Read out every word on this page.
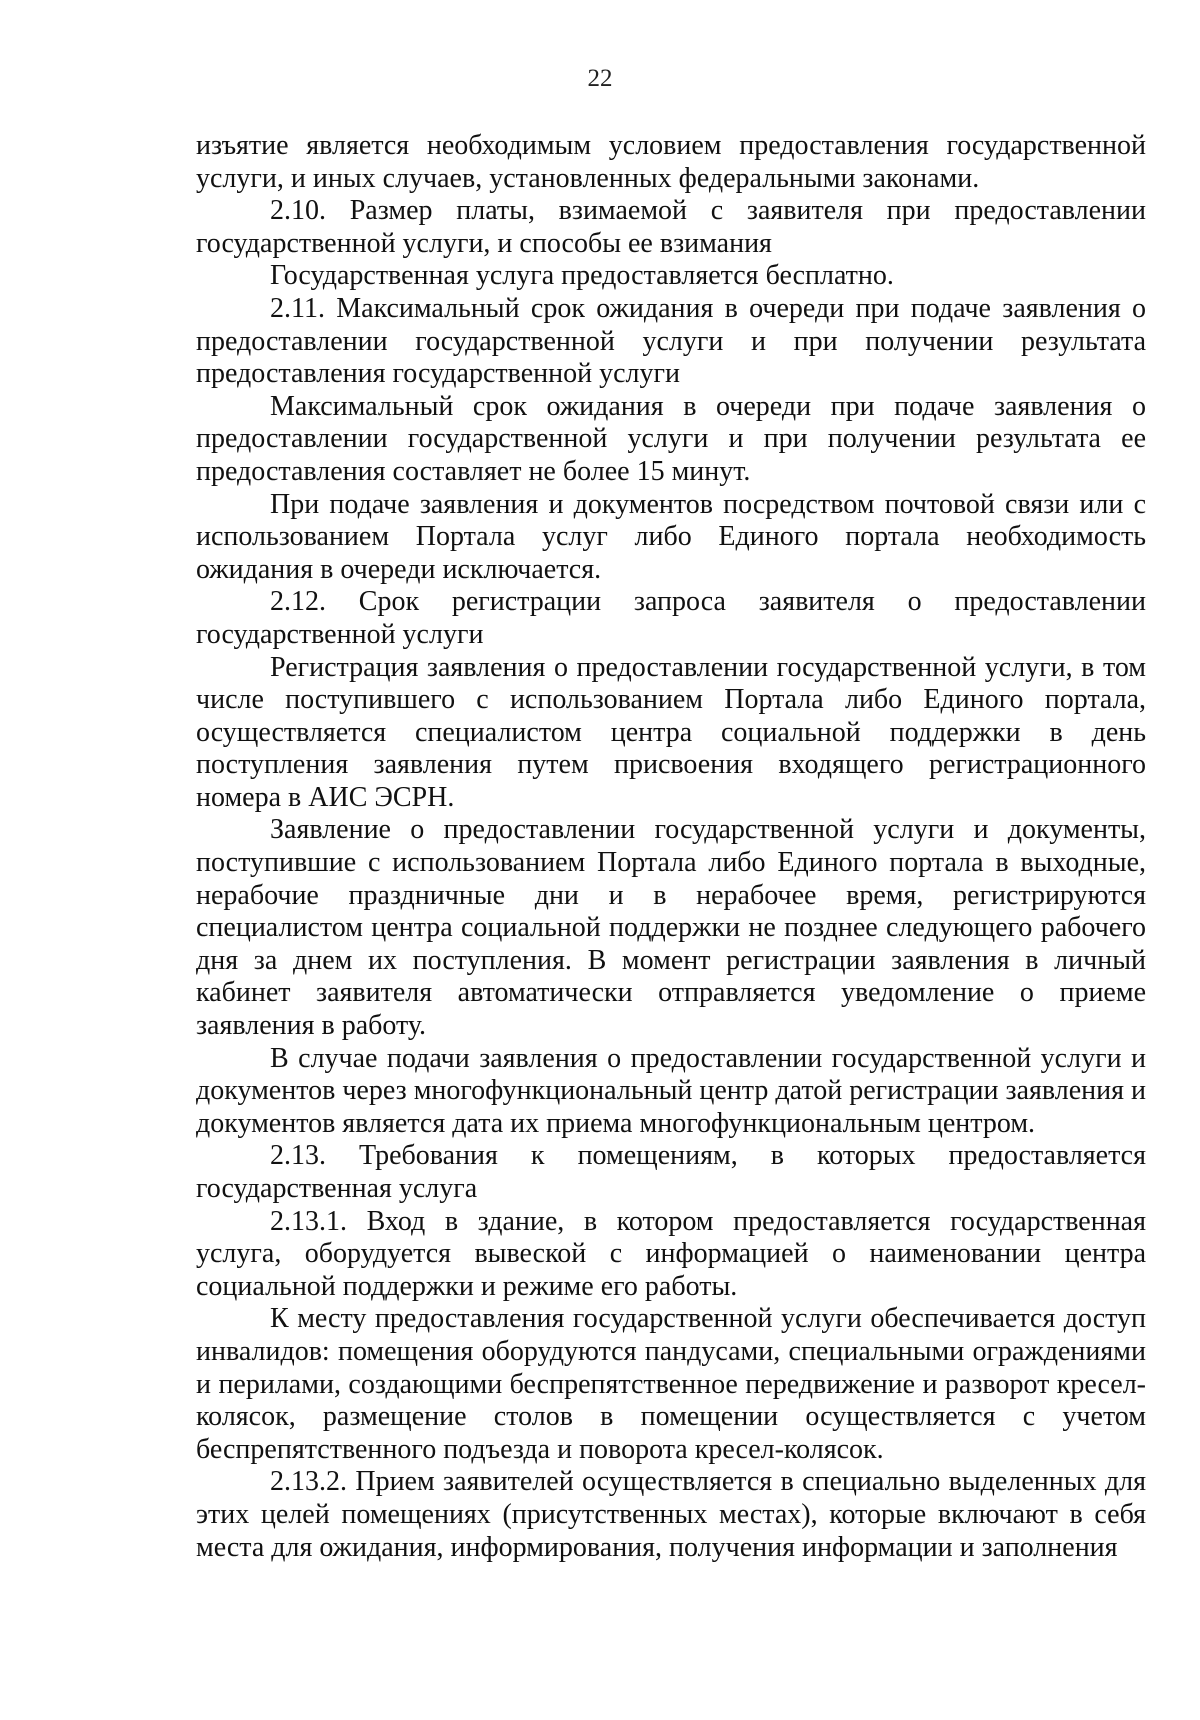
22

изъятие является необходимым условием предоставления государственной услуги, и иных случаев, установленных федеральными законами.

2.10. Размер платы, взимаемой с заявителя при предоставлении государственной услуги, и способы ее взимания

Государственная услуга предоставляется бесплатно.

2.11. Максимальный срок ожидания в очереди при подаче заявления о предоставлении государственной услуги и при получении результата предоставления государственной услуги

Максимальный срок ожидания в очереди при подаче заявления о предоставлении государственной услуги и при получении результата ее предоставления составляет не более 15 минут.

При подаче заявления и документов посредством почтовой связи или с использованием Портала услуг либо Единого портала необходимость ожидания в очереди исключается.

2.12. Срок регистрации запроса заявителя о предоставлении государственной услуги

Регистрация заявления о предоставлении государственной услуги, в том числе поступившего с использованием Портала либо Единого портала, осуществляется специалистом центра социальной поддержки в день поступления заявления путем присвоения входящего регистрационного номера в АИС ЭСРН.

Заявление о предоставлении государственной услуги и документы, поступившие с использованием Портала либо Единого портала в выходные, нерабочие праздничные дни и в нерабочее время, регистрируются специалистом центра социальной поддержки не позднее следующего рабочего дня за днем их поступления. В момент регистрации заявления в личный кабинет заявителя автоматически отправляется уведомление о приеме заявления в работу.

В случае подачи заявления о предоставлении государственной услуги и документов через многофункциональный центр датой регистрации заявления и документов является дата их приема многофункциональным центром.

2.13. Требования к помещениям, в которых предоставляется государственная услуга

2.13.1. Вход в здание, в котором предоставляется государственная услуга, оборудуется вывеской с информацией о наименовании центра социальной поддержки и режиме его работы.

К месту предоставления государственной услуги обеспечивается доступ инвалидов: помещения оборудуются пандусами, специальными ограждениями и перилами, создающими беспрепятственное передвижение и разворот кресел-колясок, размещение столов в помещении осуществляется с учетом беспрепятственного подъезда и поворота кресел-колясок.

2.13.2. Прием заявителей осуществляется в специально выделенных для этих целей помещениях (присутственных местах), которые включают в себя места для ожидания, информирования, получения информации и заполнения
